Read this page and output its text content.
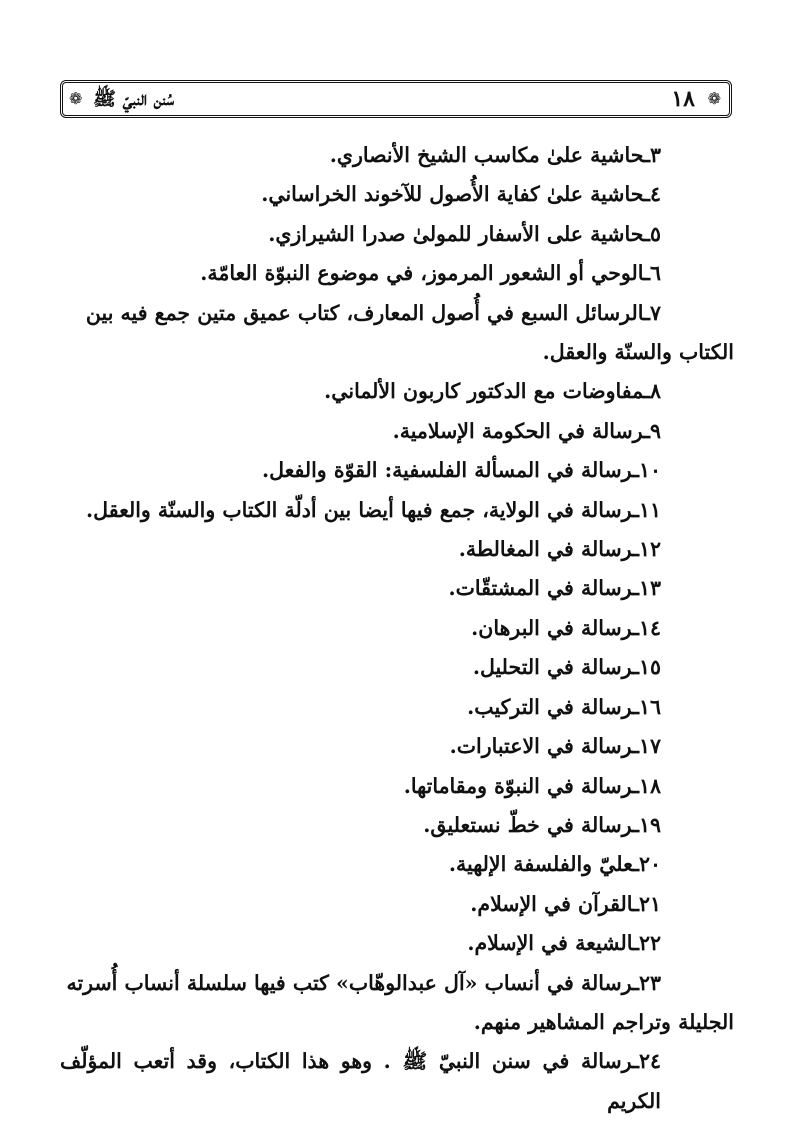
❁
١٨
سُنن النبيّ ﷺ
❁

٣ـحاشية علىٰ مكاسب الشيخ الأنصاري.

٤ـحاشية علىٰ كفاية الأُصول للآخوند الخراساني.

٥ـحاشية على الأسفار للمولىٰ صدرا الشيرازي.

٦ـالوحي أو الشعور المرموز، في موضوع النبوّة العامّة.

٧ـالرسائل السبع في أُصول المعارف، كتاب عميق متين جمع فيه بين

الكتاب والسنّة والعقل.

٨ـمفاوضات مع الدكتور كاربون الألماني.

٩ـرسالة في الحكومة الإسلامية.

١٠ـرسالة في المسألة الفلسفية: القوّة والفعل.

١١ـرسالة في الولاية، جمع فيها أيضا بين أدلّة الكتاب والسنّة والعقل.

١٢ـرسالة في المغالطة.

١٣ـرسالة في المشتقّات.

١٤ـرسالة في البرهان.

١٥ـرسالة في التحليل.

١٦ـرسالة في التركيب.

١٧ـرسالة في الاعتبارات.

١٨ـرسالة في النبوّة ومقاماتها.

١٩ـرسالة في خطّ نستعليق.

٢٠ـعليّ والفلسفة الإلهية.

٢١ـالقرآن في الإسلام.

٢٢ـالشيعة في الإسلام.

٢٣ـرسالة في أنساب «آل عبدالوهّاب» كتب فيها سلسلة أنساب أُسرته

الجليلة وتراجم المشاهير منهم.

٢٤ـرسالة في سنن النبيّ ﷺ . وهو هذا الكتاب، وقد أتعب المؤلّف الكريم
